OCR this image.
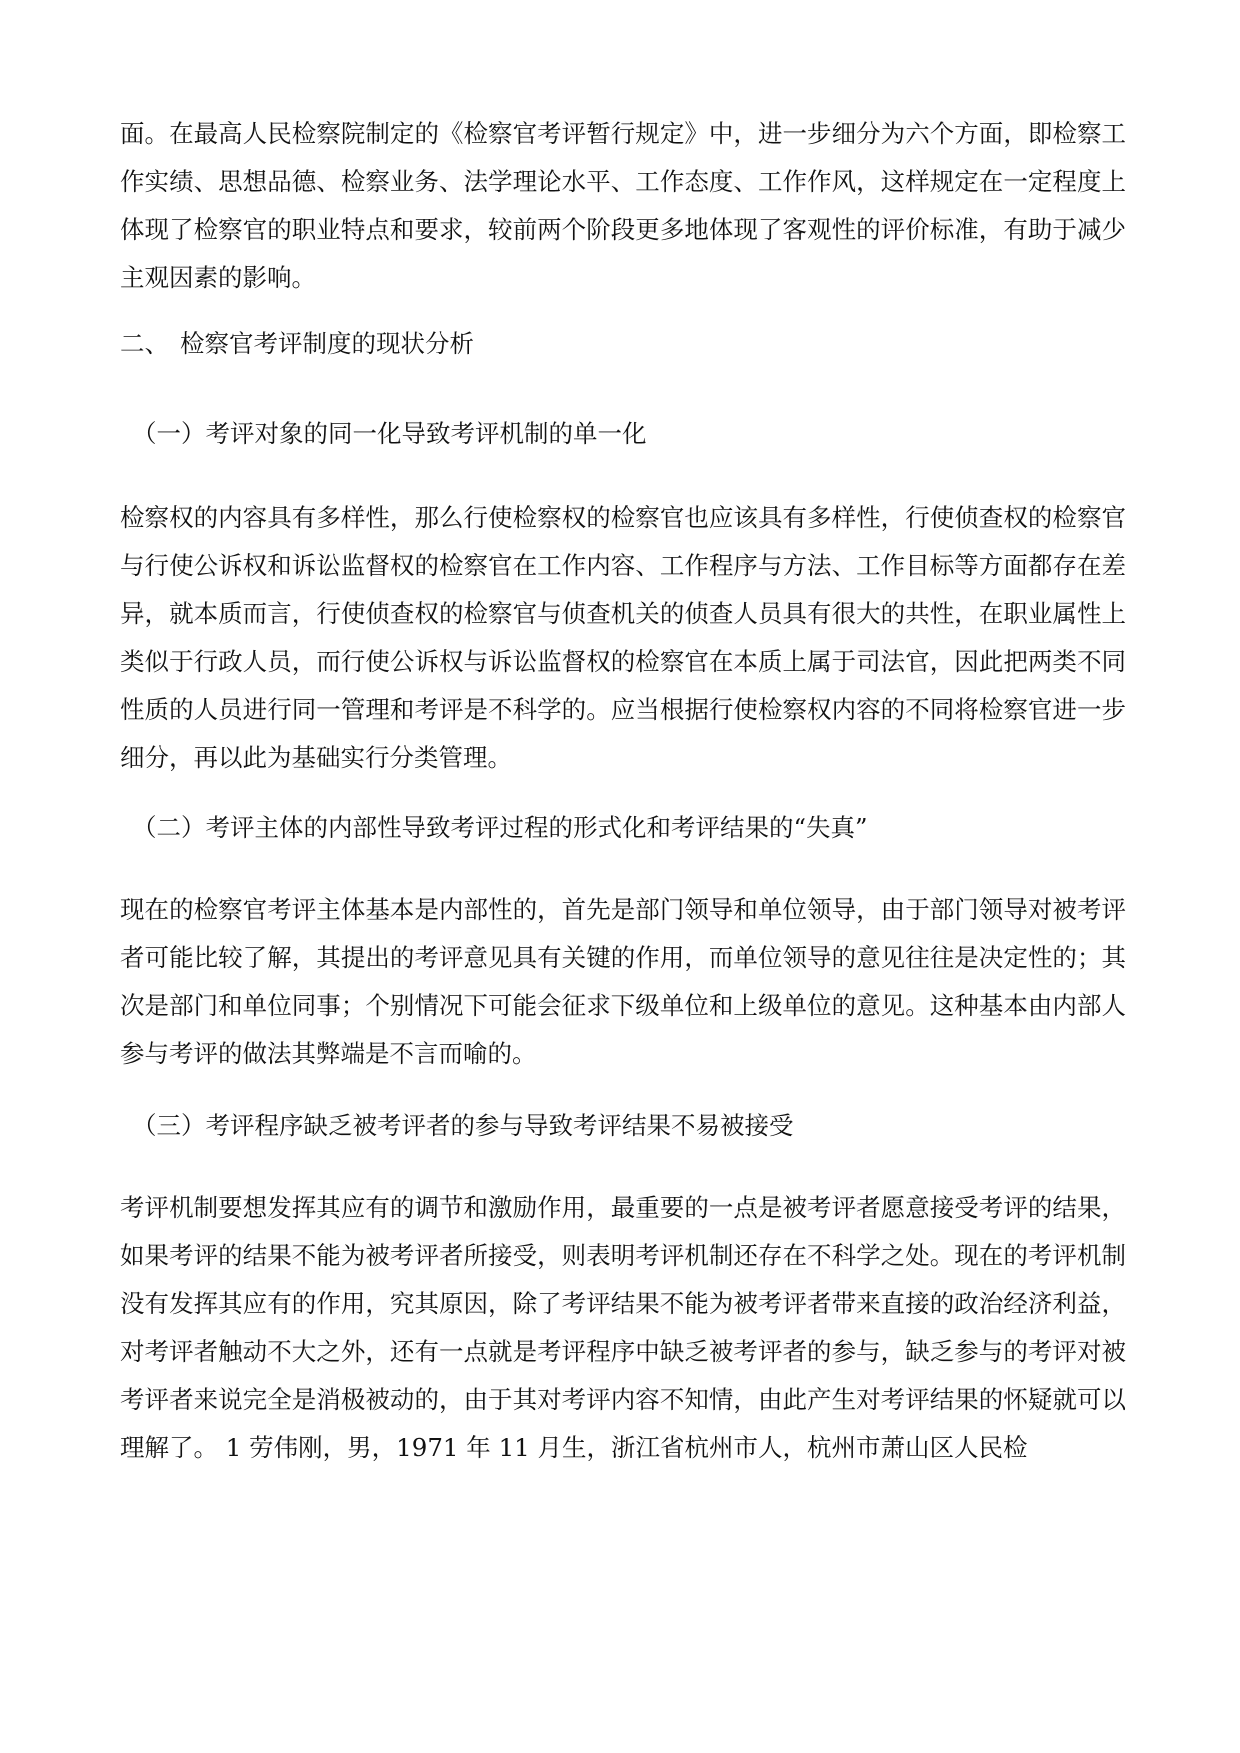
面。在最高人民检察院制定的《检察官考评暂行规定》中，进一步细分为六个方面，即检察工作实绩、思想品德、检察业务、法学理论水平、工作态度、工作作风，这样规定在一定程度上体现了检察官的职业特点和要求，较前两个阶段更多地体现了客观性的评价标准，有助于减少主观因素的影响。

二、 检察官考评制度的现状分析
（一）考评对象的同一化导致考评机制的单一化

检察权的内容具有多样性，那么行使检察权的检察官也应该具有多样性，行使侦查权的检察官与行使公诉权和诉讼监督权的检察官在工作内容、工作程序与方法、工作目标等方面都存在差异，就本质而言，行使侦查权的检察官与侦查机关的侦查人员具有很大的共性，在职业属性上类似于行政人员，而行使公诉权与诉讼监督权的检察官在本质上属于司法官，因此把两类不同性质的人员进行同一管理和考评是不科学的。应当根据行使检察权内容的不同将检察官进一步细分，再以此为基础实行分类管理。

（二）考评主体的内部性导致考评过程的形式化和考评结果的“失真”

现在的检察官考评主体基本是内部性的，首先是部门领导和单位领导，由于部门领导对被考评者可能比较了解，其提出的考评意见具有关键的作用，而单位领导的意见往往是决定性的；其次是部门和单位同事；个别情况下可能会征求下级单位和上级单位的意见。这种基本由内部人参与考评的做法其弊端是不言而喻的。

（三）考评程序缺乏被考评者的参与导致考评结果不易被接受

考评机制要想发挥其应有的调节和激励作用，最重要的一点是被考评者愿意接受考评的结果，如果考评的结果不能为被考评者所接受，则表明考评机制还存在不科学之处。现在的考评机制没有发挥其应有的作用，究其原因，除了考评结果不能为被考评者带来直接的政治经济利益，对考评者触动不大之外，还有一点就是考评程序中缺乏被考评者的参与，缺乏参与的考评对被考评者来说完全是消极被动的，由于其对考评内容不知情，由此产生对考评结果的怀疑就可以理解了。 1 劳伟刚，男，1971 年 11 月生，浙江省杭州市人，杭州市萧山区人民检
